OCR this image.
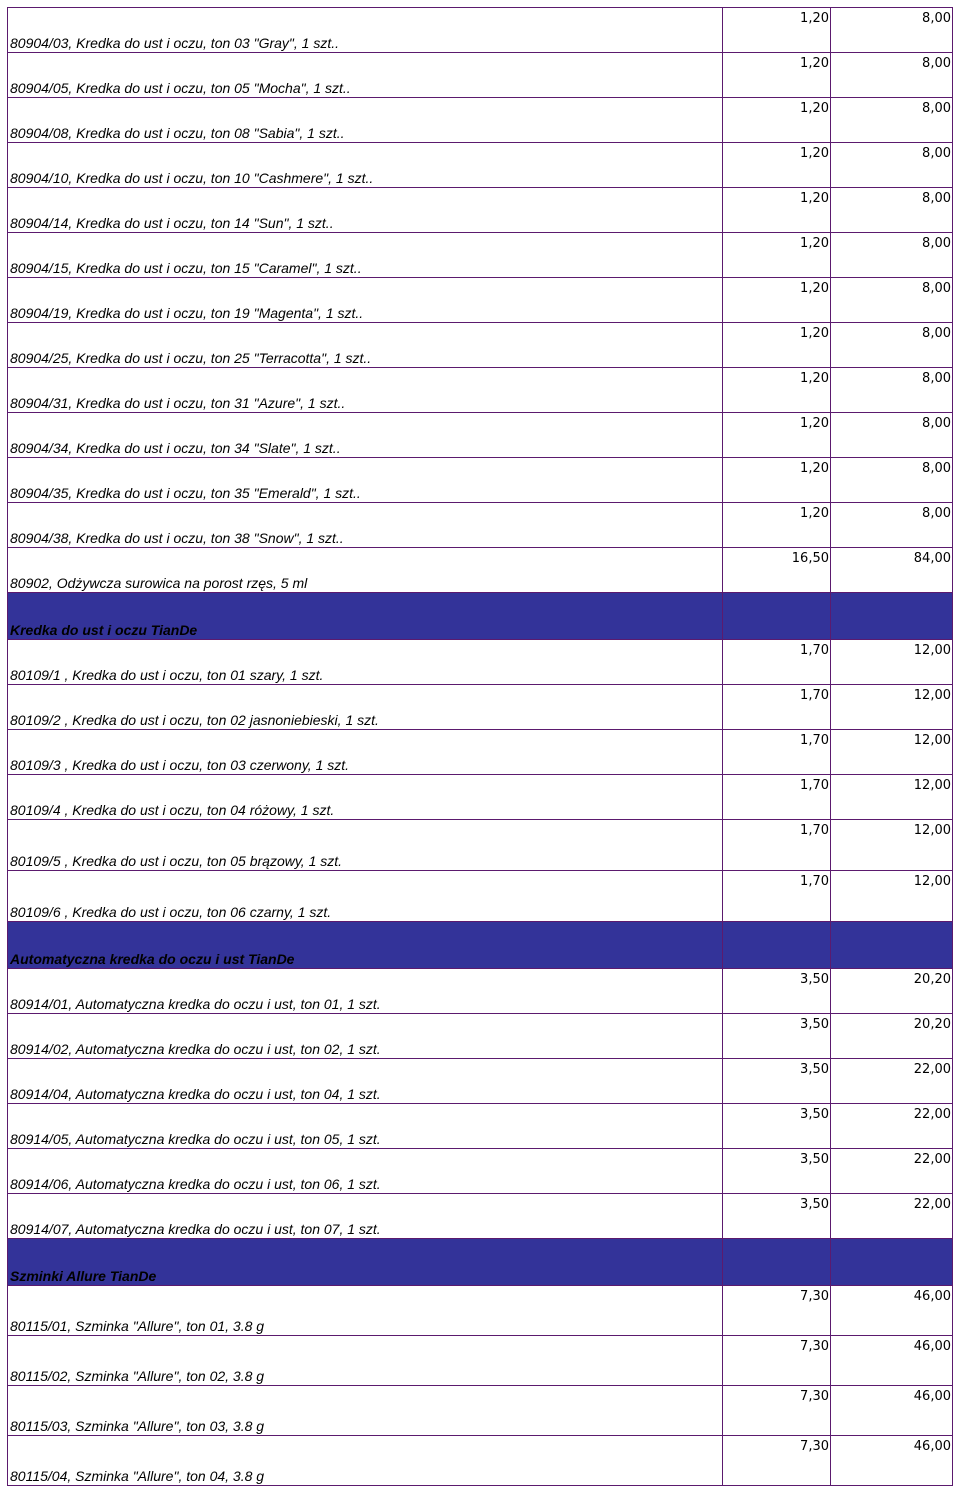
80904/03, Kredka do ust i oczu, ton 03 "Gray", 1 szt..	1,20	8,00
80904/05, Kredka do ust i oczu, ton 05 "Mocha", 1 szt..	1,20	8,00
80904/08, Kredka do ust i oczu, ton 08 "Sabia", 1 szt..	1,20	8,00
80904/10, Kredka do ust i oczu, ton 10 "Cashmere", 1 szt..	1,20	8,00
80904/14, Kredka do ust i oczu, ton 14 "Sun", 1 szt..	1,20	8,00
80904/15, Kredka do ust i oczu, ton 15 "Caramel", 1 szt..	1,20	8,00
80904/19, Kredka do ust i oczu, ton 19 "Magenta", 1 szt..	1,20	8,00
80904/25, Kredka do ust i oczu, ton 25 "Terracotta", 1 szt..	1,20	8,00
80904/31, Kredka do ust i oczu, ton 31 "Azure", 1 szt..	1,20	8,00
80904/34, Kredka do ust i oczu, ton 34 "Slate", 1 szt..	1,20	8,00
80904/35, Kredka do ust i oczu, ton 35 "Emerald", 1 szt..	1,20	8,00
80904/38, Kredka do ust i oczu, ton 38 "Snow", 1 szt..	1,20	8,00
80902, Odżywcza surowica na porost rzęs, 5 ml	16,50	84,00
Kredka do ust i oczu TianDe		
80109/1 , Kredka do ust i oczu, ton 01 szary, 1 szt.	1,70	12,00
80109/2 , Kredka do ust i oczu, ton 02 jasnoniebieski, 1 szt.	1,70	12,00
80109/3 , Kredka do ust i oczu, ton 03 czerwony, 1 szt.	1,70	12,00
80109/4 , Kredka do ust i oczu, ton 04 różowy, 1 szt.	1,70	12,00
80109/5 , Kredka do ust i oczu, ton 05 brązowy, 1 szt.	1,70	12,00
80109/6 , Kredka do ust i oczu, ton 06 czarny, 1 szt.	1,70	12,00
Automatyczna kredka do oczu i ust TianDe		
80914/01, Automatyczna kredka do oczu i ust, ton 01, 1 szt.	3,50	20,20
80914/02, Automatyczna kredka do oczu i ust, ton 02, 1 szt.	3,50	20,20
80914/04, Automatyczna kredka do oczu i ust, ton 04, 1 szt.	3,50	22,00
80914/05, Automatyczna kredka do oczu i ust, ton 05, 1 szt.	3,50	22,00
80914/06, Automatyczna kredka do oczu i ust, ton 06, 1 szt.	3,50	22,00
80914/07, Automatyczna kredka do oczu i ust, ton 07, 1 szt.	3,50	22,00
Szminki Allure TianDe		
80115/01, Szminka "Allure", ton 01, 3.8 g	7,30	46,00
80115/02, Szminka "Allure", ton 02, 3.8 g	7,30	46,00
80115/03, Szminka "Allure", ton 03, 3.8 g	7,30	46,00
80115/04, Szminka "Allure", ton 04, 3.8 g	7,30	46,00
